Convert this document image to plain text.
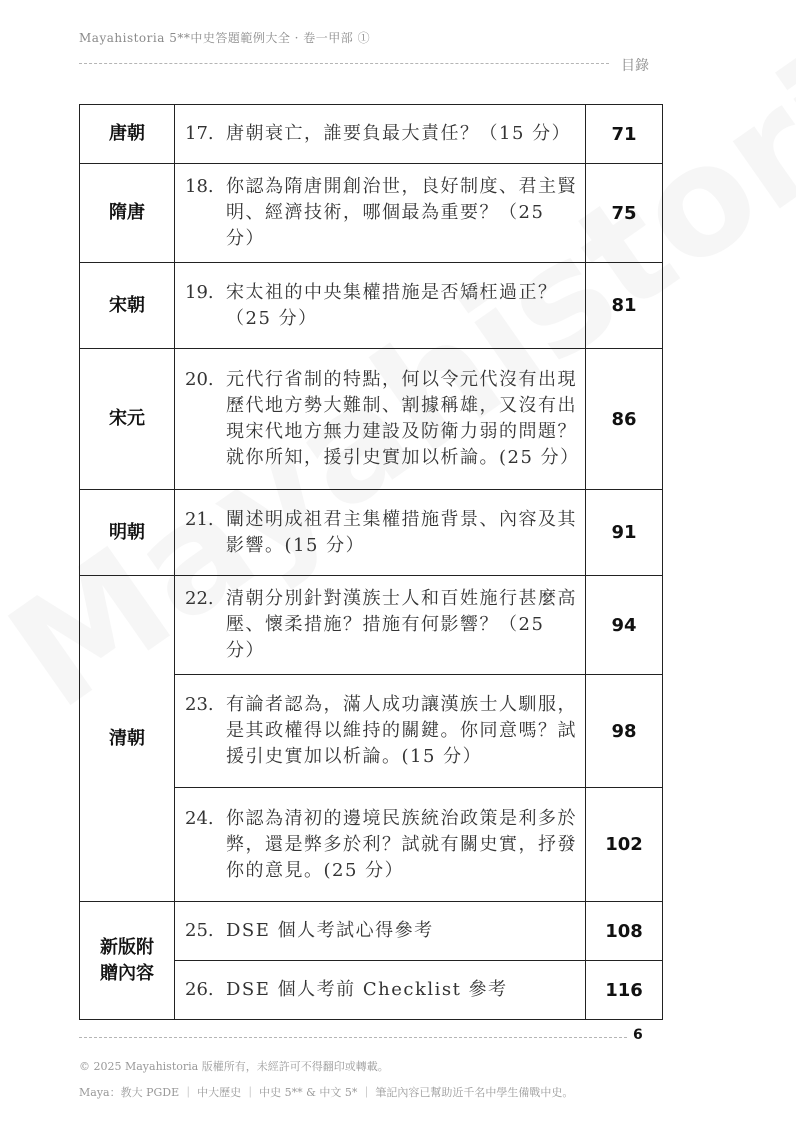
Mayahistoria 5**中史答題範例大全 · 卷一甲部 ①
目錄
唐朝	17. 唐朝衰亡，誰要負最大責任？（15 分）	71
隋唐	18. 你認為隋唐開創治世，良好制度、君主賢明、經濟技術，哪個最為重要？（25 分）	75
宋朝	19. 宋太祖的中央集權措施是否矯枉過正？（25 分）	81
宋元	20. 元代行省制的特點，何以令元代沒有出現歷代地方勢大難制、割據稱雄，又沒有出現宋代地方無力建設及防衛力弱的問題？就你所知，援引史實加以析論。(25 分）	86
明朝	21. 闡述明成祖君主集權措施背景、內容及其影響。(15 分）	91
清朝	22. 清朝分別針對漢族士人和百姓施行甚麼高壓、懷柔措施？措施有何影響？（25 分）	94

	23. 有論者認為，滿人成功讓漢族士人馴服，是其政權得以維持的關鍵。你同意嗎？試援引史實加以析論。(15 分）	98

	24. 你認為清初的邊境民族統治政策是利多於弊，還是弊多於利？試就有關史實，抒發你的意見。(25 分）	102
新版附贈內容	25. DSE 個人考試心得參考	108

	26. DSE 個人考前 Checklist 參考	116
6
© 2025 Mayahistoria 版權所有，未經許可不得翻印或轉載。
Maya：教大 PGDE ｜ 中大歷史 ｜ 中史 5** & 中文 5* ｜ 筆記內容已幫助近千名中學生備戰中史。
